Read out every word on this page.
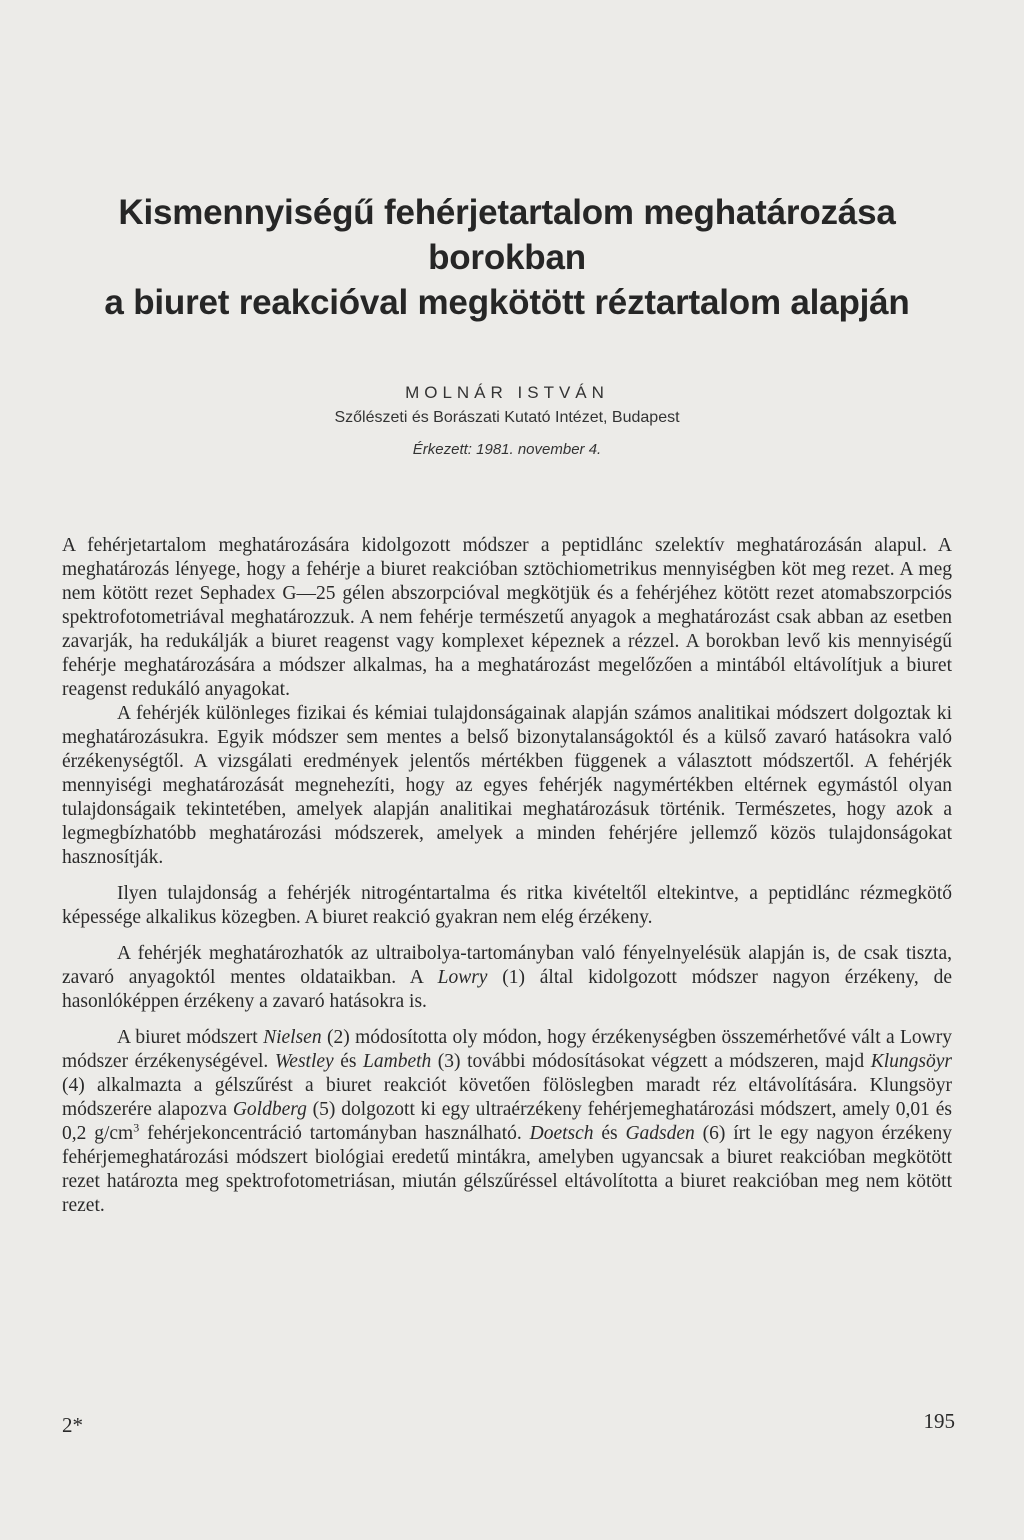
Kismennyiségű fehérjetartalom meghatározása borokban
a biuret reakcióval megkötött réztartalom alapján
MOLNÁR ISTVÁN
Szőlészeti és Borászati Kutató Intézet, Budapest
Érkezett: 1981. november 4.

A fehérjetartalom meghatározására kidolgozott módszer a peptidlánc szelektív meghatározásán alapul. A meghatározás lényege, hogy a fehérje a biuret reakcióban sztöchiometrikus mennyiségben köt meg rezet. A meg nem kötött rezet Sephadex G—25 gélen abszorpcióval megkötjük és a fehérjéhez kötött rezet atomabszorpciós spektrofotometriával meghatározzuk. A nem fehérje természetű anyagok a meghatározást csak abban az esetben zavarják, ha redukálják a biuret reagenst vagy komplexet képeznek a rézzel. A borokban levő kis mennyiségű fehérje meghatározására a módszer alkalmas, ha a meghatározást megelőzően a mintából eltávolítjuk a biuret reagenst redukáló anyagokat.

A fehérjék különleges fizikai és kémiai tulajdonságainak alapján számos analitikai módszert dolgoztak ki meghatározásukra. Egyik módszer sem mentes a belső bizonytalanságoktól és a külső zavaró hatásokra való érzékenységtől. A vizsgálati eredmények jelentős mértékben függenek a választott módszertől. A fehérjék mennyiségi meghatározását megnehezíti, hogy az egyes fehérjék nagymértékben eltérnek egymástól olyan tulajdonságaik tekintetében, amelyek alapján analitikai meghatározásuk történik. Természetes, hogy azok a legmegbízhatóbb meghatározási módszerek, amelyek a minden fehérjére jellemző közös tulajdonságokat hasznosítják.

Ilyen tulajdonság a fehérjék nitrogéntartalma és ritka kivételtől eltekintve, a peptidlánc rézmegkötő képessége alkalikus közegben. A biuret reakció gyakran nem elég érzékeny.

A fehérjék meghatározhatók az ultraibolya-tartományban való fényelnyelésük alapján is, de csak tiszta, zavaró anyagoktól mentes oldataikban. A Lowry (1) által kidolgozott módszer nagyon érzékeny, de hasonlóképpen érzékeny a zavaró hatásokra is.

A biuret módszert Nielsen (2) módosította oly módon, hogy érzékenységben összemérhetővé vált a Lowry módszer érzékenységével. Westley és Lambeth (3) további módosításokat végzett a módszeren, majd Klungsöyr (4) alkalmazta a gélszűrést a biuret reakciót követően fölöslegben maradt réz eltávolítására. Klungsöyr módszerére alapozva Goldberg (5) dolgozott ki egy ultraérzékeny fehérjemeghatározási módszert, amely 0,01 és 0,2 $g/cm^3$ fehérjekoncentráció tartományban használható. Doetsch és Gadsden (6) írt le egy nagyon érzékeny fehérjemeghatározási módszert biológiai eredetű mintákra, amelyben ugyancsak a biuret reakcióban megkötött rezet határozta meg spektrofotometriásan, miután gélszűréssel eltávolította a biuret reakcióban meg nem kötött rezet.

2*	195
